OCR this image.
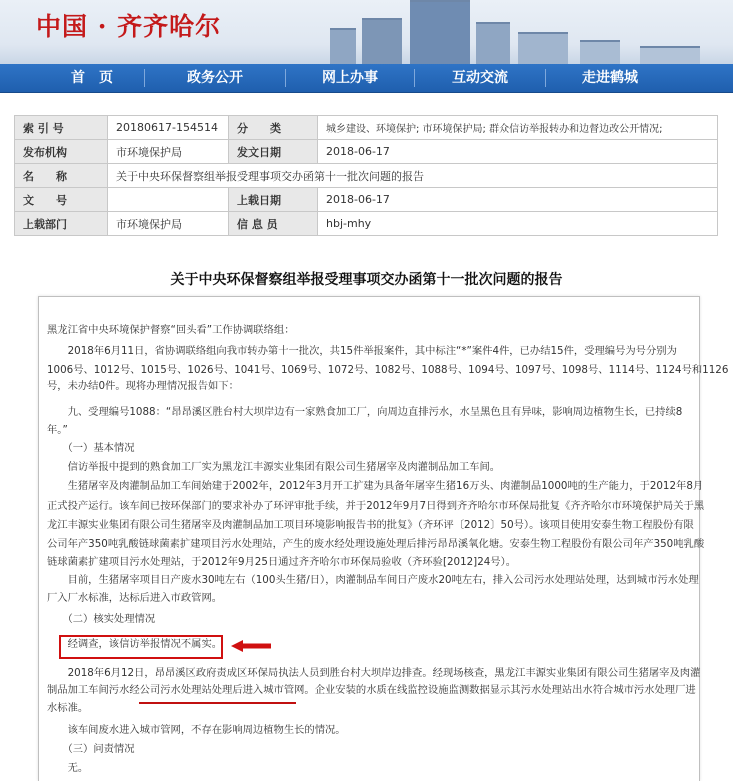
中国 · 齐齐哈尔
首　页	政务公开	网上办事	互动交流	走进鹤城
索 引 号	20180617-154514	分　　类	城乡建设、环境保护; 市环境保护局; 群众信访举报转办和边督边改公开情况;
发布机构	市环境保护局	发文日期	2018-06-17
名　　称	关于中央环保督察组举报受理事项交办函第十一批次问题的报告		
文　　号		上载日期	2018-06-17
上载部门	市环境保护局	信 息 员	hbj-mhy
关于中央环保督察组举报受理事项交办函第十一批次问题的报告
黑龙江省中央环境保护督察“回头看”工作协调联络组：
　　2018年6月11日，省协调联络组向我市转办第十一批次，共15件举报案件，其中标注“*”案件4件，已办结15件，受理编号为号分别为
1006号、1012号、1015号、1026号、1041号、1069号、1072号、1082号、1088号、1094号、1097号、1098号、1114号、1124号和1126
号，未办结0件。现将办理情况报告如下：
　　九、受理编号1088：“昂昂溪区胜台村大坝岸边有一家熟食加工厂，向周边直排污水，水呈黑色且有异味，影响周边植物生长，已持续8
年。”
　　（一）基本情况
　　信访举报中提到的熟食加工厂实为黑龙江丰源实业集团有限公司生猪屠宰及肉灌制品加工车间。
　　生猪屠宰及肉灌制品加工车间始建于2002年，2012年3月开工扩建为具备年屠宰生猪16万头、肉灌制品1000吨的生产能力，于2012年8月
正式投产运行。该车间已按环保部门的要求补办了环评审批手续，并于2012年9月7日得到齐齐哈尔市环保局批复《齐齐哈尔市环境保护局关于黑
龙江丰源实业集团有限公司生猪屠宰及肉灌制品加工项目环境影响报告书的批复》（齐环评〔2012〕50号）。该项目使用安泰生物工程股份有限
公司年产350吨乳酸链球菌素扩建项目污水处理站，产生的废水经处理设施处理后排污昂昂溪氧化塘。安泰生物工程股份有限公司年产350吨乳酸
链球菌素扩建项目污水处理站，于2012年9月25日通过齐齐哈尔市环保局验收（齐环验[2012]24号）。
　　目前，生猪屠宰项目日产废水30吨左右（100头生猪/日），肉灌制品车间日产废水20吨左右，排入公司污水处理站处理，达到城市污水处理
厂入厂水标准，达标后进入市政管网。
　　（二）核实处理情况
　　经调查，该信访举报情况不属实。
　　2018年6月12日，昂昂溪区政府责成区环保局执法人员到胜台村大坝岸边排查。经现场核查，黑龙江丰源实业集团有限公司生猪屠宰及肉灌
制品加工车间污水经公司污水处理站处理后进入城市管网。企业安装的水质在线监控设施监测数据显示其污水处理站出水符合城市污水处理厂进
水标准。
　　该车间废水进入城市管网，不存在影响周边植物生长的情况。
　　（三）问责情况
　　无。
